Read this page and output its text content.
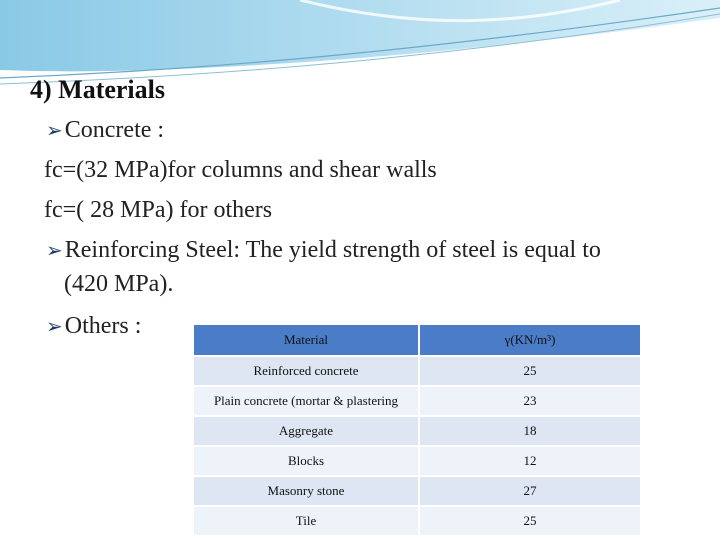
4) Materials
➢Concrete :
fc=(32 MPa)for columns and shear walls
fc=( 28 MPa) for others
➢Reinforcing Steel: The yield strength of steel is equal to
(420 MPa).
➢Others :
Material	γ(KN/m³)
Reinforced concrete	25
Plain concrete (mortar & plastering	23
Aggregate	18
Blocks	12
Masonry stone	27
Tile	25
